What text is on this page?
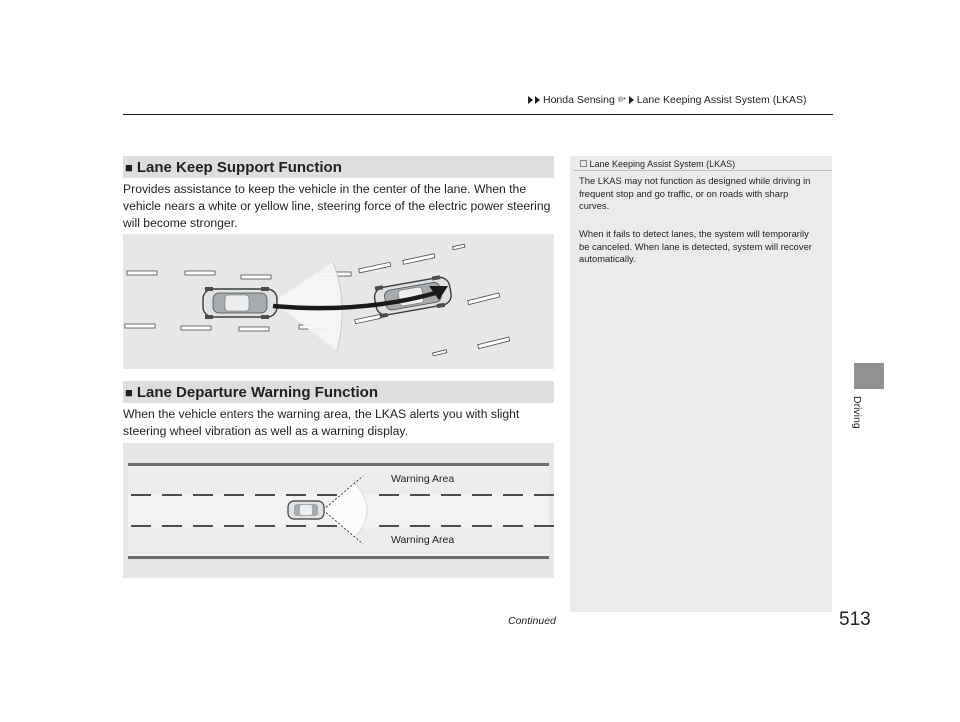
Honda Sensing ®* Lane Keeping Assist System (LKAS)
■ Lane Keep Support Function
Provides assistance to keep the vehicle in the center of the lane. When the vehicle nears a white or yellow line, steering force of the electric power steering will become stronger.
■ Lane Departure Warning Function
When the vehicle enters the warning area, the LKAS alerts you with slight steering wheel vibration as well as a warning display.
Warning Area
Warning Area
▢ Lane Keeping Assist System (LKAS)
The LKAS may not function as designed while driving in frequent stop and go traffic, or on roads with sharp curves.
When it fails to detect lanes, the system will temporarily be canceled. When lane is detected, system will recover automatically.
Driving
Continued	513
